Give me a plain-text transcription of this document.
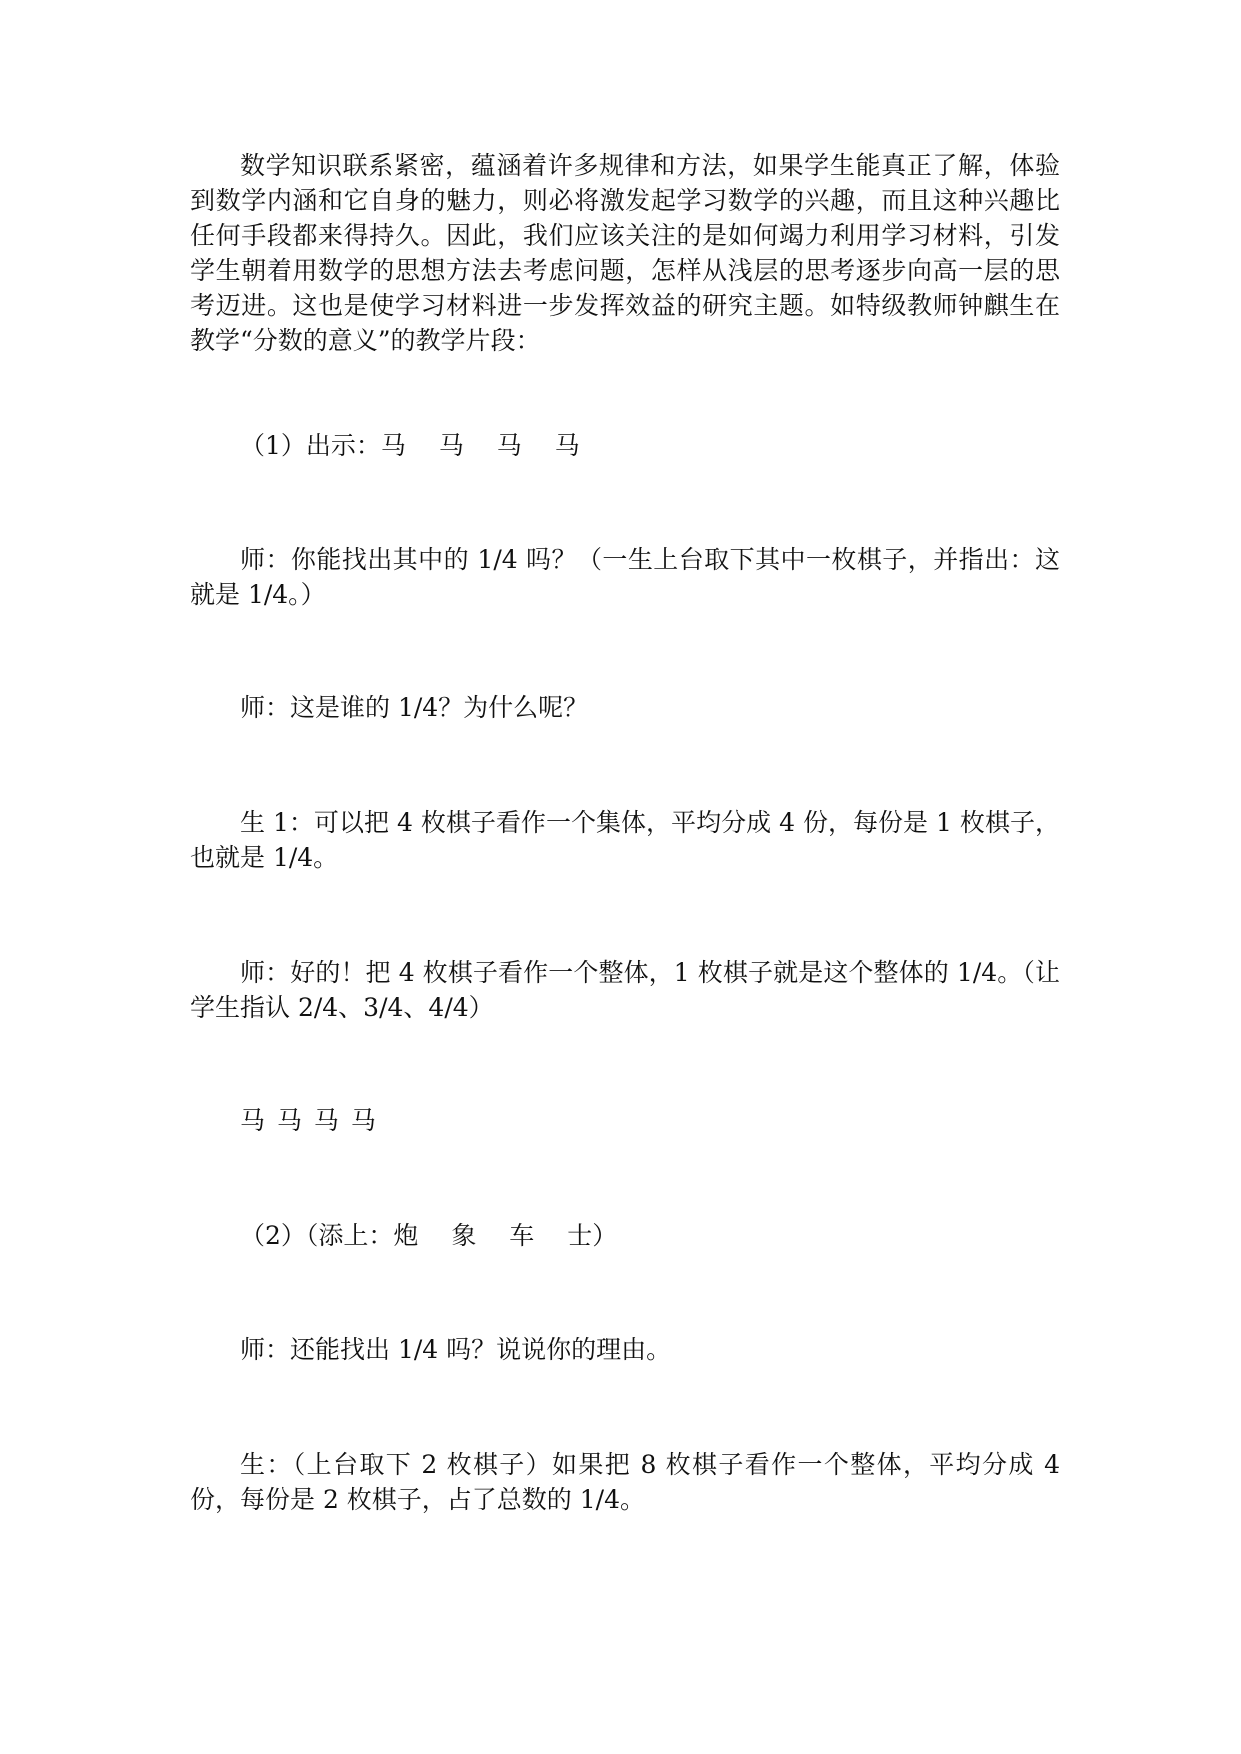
数学知识联系紧密，蕴涵着许多规律和方法，如果学生能真正了解，体验到数学内涵和它自身的魅力，则必将激发起学习数学的兴趣，而且这种兴趣比任何手段都来得持久。因此，我们应该关注的是如何竭力利用学习材料，引发学生朝着用数学的思想方法去考虑问题，怎样从浅层的思考逐步向高一层的思考迈进。这也是使学习材料进一步发挥效益的研究主题。如特级教师钟麒生在教学“分数的意义”的教学片段：

（1）出示：马　 马　 马　 马

师：你能找出其中的 1/4 吗？（一生上台取下其中一枚棋子，并指出：这就是 1/4。）

师：这是谁的 1/4？为什么呢？

生 1：可以把 4 枚棋子看作一个集体，平均分成 4 份，每份是 1 枚棋子，也就是 1/4。

师：好的！把 4 枚棋子看作一个整体，1 枚棋子就是这个整体的 1/4。（让学生指认 2/4、3/4、4/4）

马 马 马 马

（2）（添上：炮　 象　 车　 士）

师：还能找出 1/4 吗？说说你的理由。

生：（上台取下 2 枚棋子）如果把 8 枚棋子看作一个整体，平均分成 4 份，每份是 2 枚棋子，占了总数的 1/4。
